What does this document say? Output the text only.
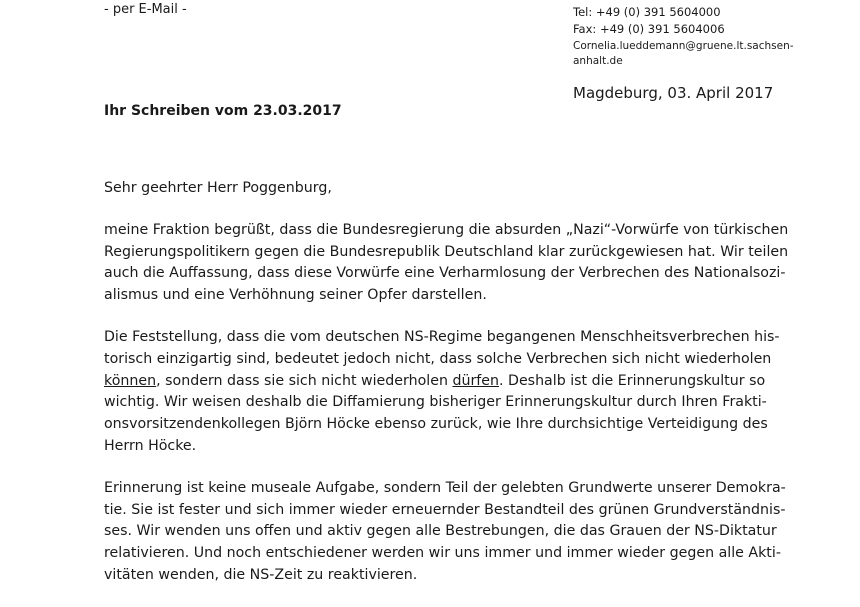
- per E-Mail -	Tel: +49 (0) 391 5604000
Fax: +49 (0) 391 5604006
Cornelia.lueddemann@gruene.lt.sachsen-
anhalt.de
Magdeburg, 03. April 2017
Ihr Schreiben vom 23.03.2017

Sehr geehrter Herr Poggenburg,

meine Fraktion begrüßt, dass die Bundesregierung die absurden „Nazi“-Vorwürfe von türkischen
Regierungspolitikern gegen die Bundesrepublik Deutschland klar zurückgewiesen hat. Wir teilen
auch die Auffassung, dass diese Vorwürfe eine Verharmlosung der Verbrechen des Nationalsozi-
alismus und eine Verhöhnung seiner Opfer darstellen.

Die Feststellung, dass die vom deutschen NS-Regime begangenen Menschheitsverbrechen his-
torisch einzigartig sind, bedeutet jedoch nicht, dass solche Verbrechen sich nicht wiederholen
können, sondern dass sie sich nicht wiederholen dürfen. Deshalb ist die Erinnerungskultur so
wichtig. Wir weisen deshalb die Diffamierung bisheriger Erinnerungskultur durch Ihren Frakti-
onsvorsitzendenkollegen Björn Höcke ebenso zurück, wie Ihre durchsichtige Verteidigung des
Herrn Höcke.

Erinnerung ist keine museale Aufgabe, sondern Teil der gelebten Grundwerte unserer Demokra-
tie. Sie ist fester und sich immer wieder erneuernder Bestandteil des grünen Grundverständnis-
ses. Wir wenden uns offen und aktiv gegen alle Bestrebungen, die das Grauen der NS-Diktatur
relativieren. Und noch entschiedener werden wir uns immer und immer wieder gegen alle Akti-
vitäten wenden, die NS-Zeit zu reaktivieren.
